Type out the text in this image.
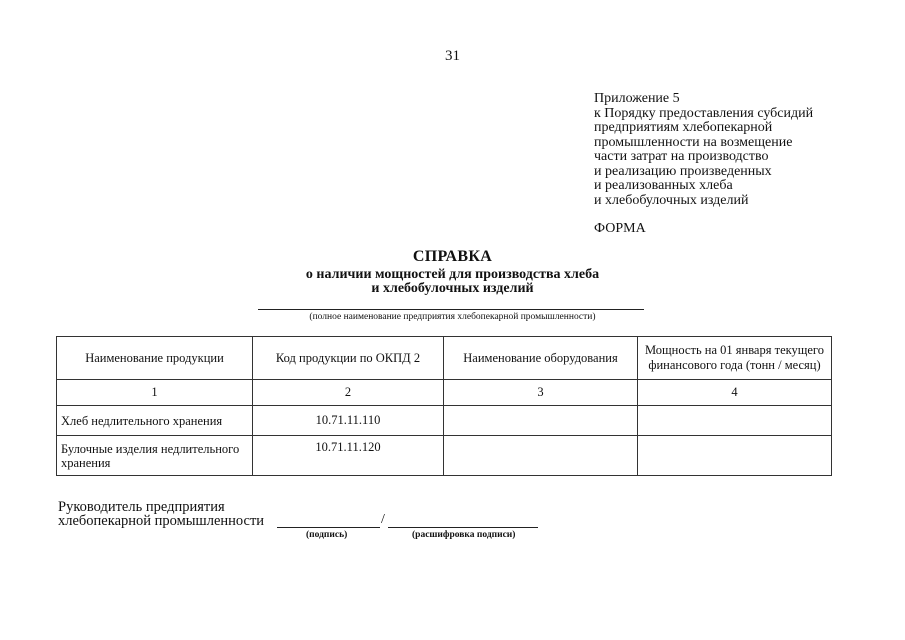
31
Приложение 5
к Порядку предоставления субсидий
предприятиям хлебопекарной
промышленности на возмещение
части затрат на производство
и реализацию произведенных
и реализованных хлеба
и хлебобулочных изделий
ФОРМА
СПРАВКА
о наличии мощностей для производства хлеба
и хлебобулочных изделий
(полное наименование предприятия хлебопекарной промышленности)
Наименование продукции	Код продукции по ОКПД 2	Наименование оборудования	Мощность на 01 января текущего финансового года (тонн / месяц)
1	2	3	4
Хлеб недлительного хранения	10.71.11.110		
Булочные изделия недлительного хранения	10.71.11.120		
Руководитель предприятия
хлебопекарной промышленности	/
(подпись)	(расшифровка подписи)
